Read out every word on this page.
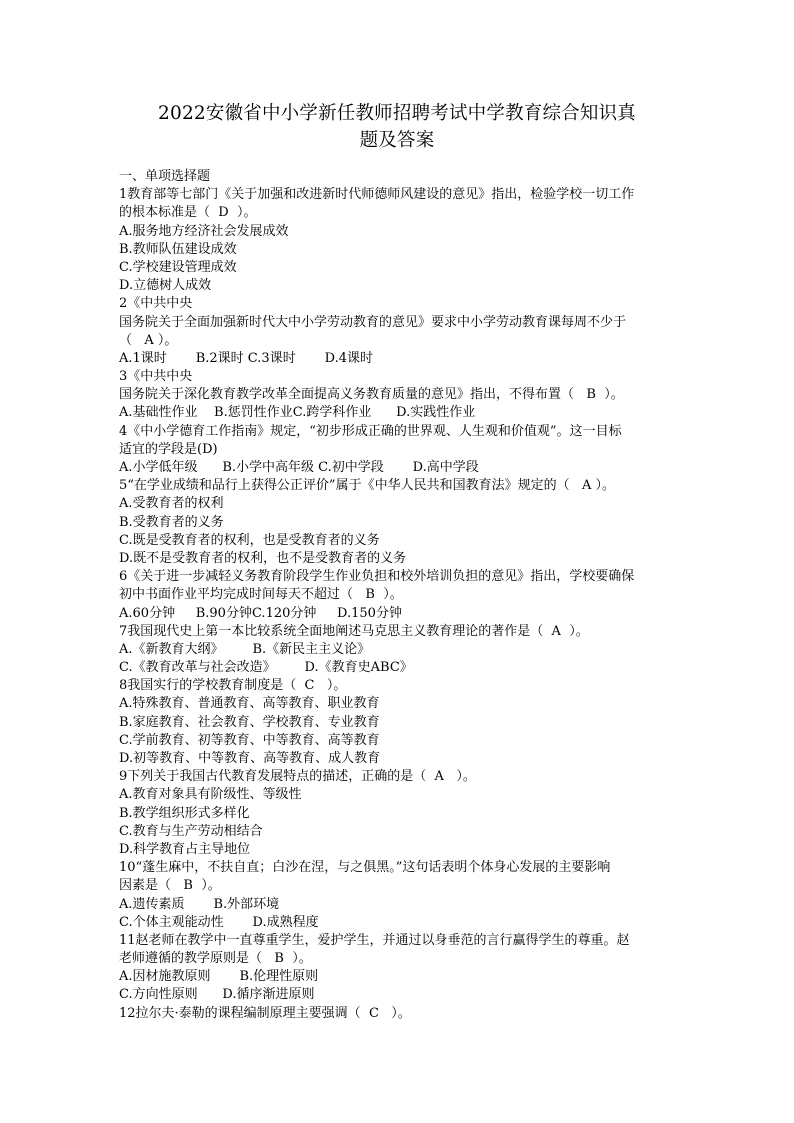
2022安徽省中小学新任教师招聘考试中学教育综合知识真
题及答案
一、单项选择题
1教育部等七部门《关于加强和改进新时代师德师风建设的意见》指出，检验学校一切工作
的根本标准是（  D  ）。
A.服务地方经济社会发展成效
B.教师队伍建设成效
C.学校建设管理成效
D.立德树人成效
2《中共中央
国务院关于全面加强新时代大中小学劳动教育的意见》要求中小学劳动教育课每周不少于
（   A ）。
A.1课时       B.2课时 C.3课时       D.4课时
3《中共中央
国务院关于深化教育教学改革全面提高义务教育质量的意见》指出，不得布置（   B  ）。
A.基础性作业    B.惩罚性作业C.跨学科作业      D.实践性作业
4《中小学德育工作指南》规定，“初步形成正确的世界观、人生观和价值观”。这一目标
适宜的学段是(D)
A.小学低年级      B.小学中高年级 C.初中学段       D.高中学段
5“在学业成绩和品行上获得公正评价”属于《中华人民共和国教育法》规定的（   A ）。
A.受教育者的权利
B.受教育者的义务
C.既是受教育者的权利，也是受教育者的义务
D.既不是受教育者的权利，也不是受教育者的义务
6《关于进一步减轻义务教育阶段学生作业负担和校外培训负担的意见》指出，学校要确保
初中书面作业平均完成时间每天不超过（   B  ）。
A.60分钟     B.90分钟C.120分钟     D.150分钟
7我国现代史上第一本比较系统全面地阐述马克思主义教育理论的著作是（  A  ）。
A.《新教育大纲》       B.《新民主主义论》
C.《教育改革与社会改造》       D.《教育史ABC》
8我国实行的学校教育制度是（  C   ）。
A.特殊教育、普通教育、高等教育、职业教育
B.家庭教育、社会教育、学校教育、专业教育
C.学前教育、初等教育、中等教育、高等教育
D.初等教育、中等教育、高等教育、成人教育
9下列关于我国古代教育发展特点的描述，正确的是（  A   ）。
A.教育对象具有阶级性、等级性
B.教学组织形式多样化
C.教育与生产劳动相结合
D.科学教育占主导地位
10“蓬生麻中，不扶自直；白沙在涅，与之俱黑。”这句话表明个体身心发展的主要影响
因素是（   B  ）。
A.遗传素质       B.外部环境
C.个体主观能动性       D.成熟程度
11赵老师在教学中一直尊重学生，爱护学生，并通过以身垂范的言行赢得学生的尊重。赵
老师遵循的教学原则是（   B  ）。
A.因材施教原则       B.伦理性原则
C.方向性原则      D.循序渐进原则
12拉尔夫·泰勒的课程编制原理主要强调（  C   ）。
